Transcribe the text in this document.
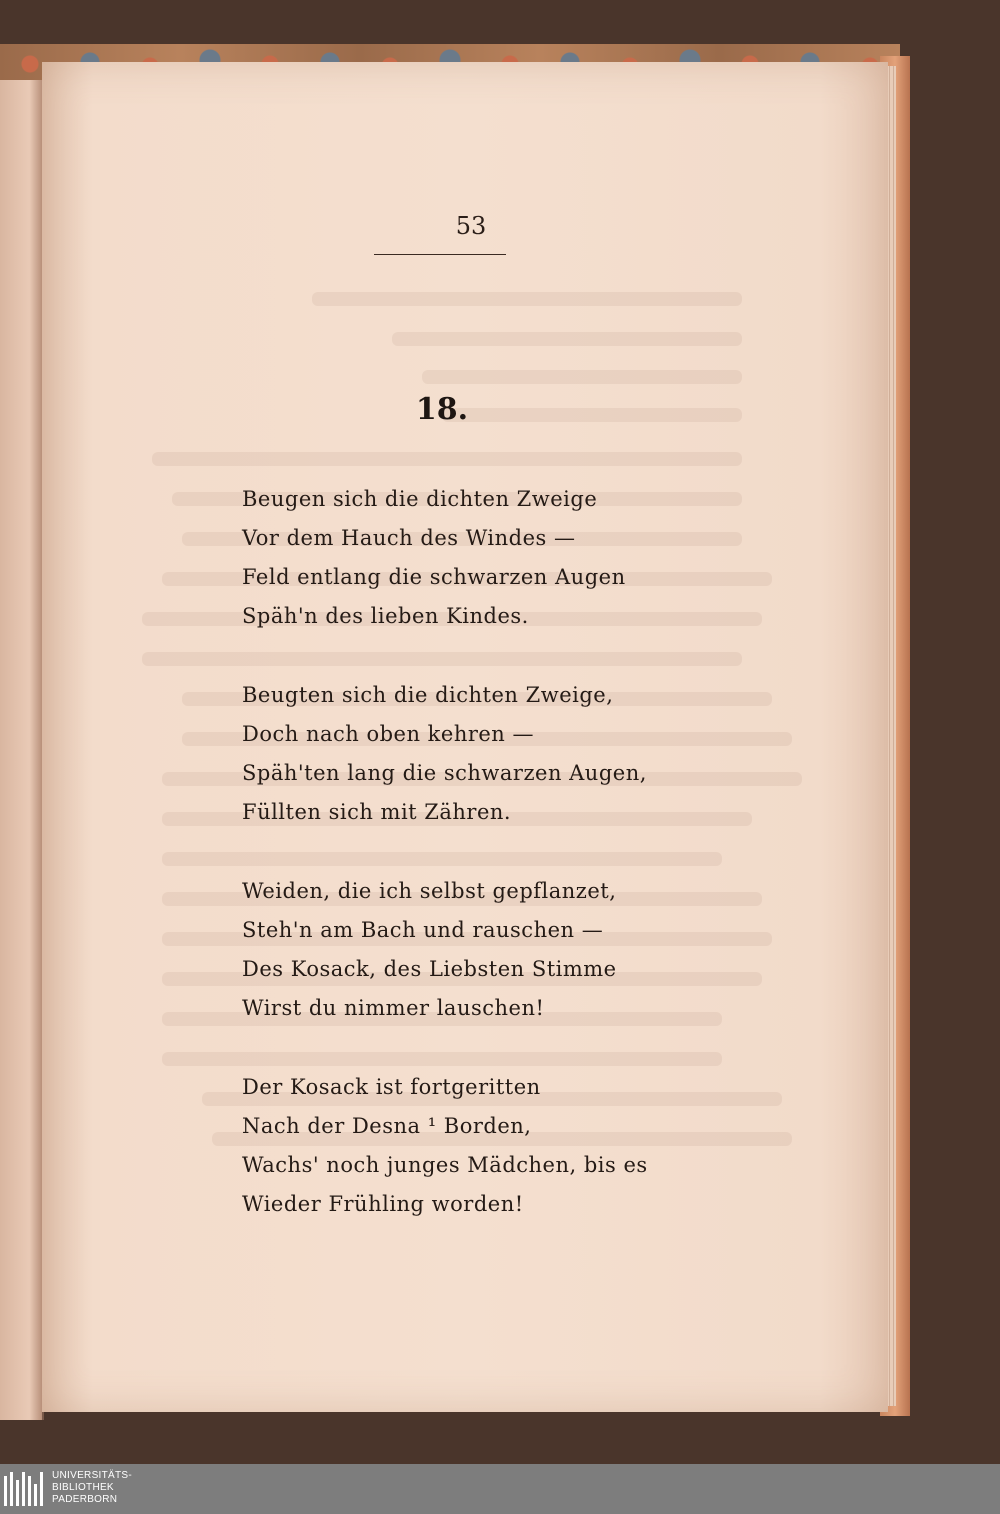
53
18.
Beugen sich die dichten Zweige
Vor dem Hauch des Windes —
Feld entlang die schwarzen Augen
Späh'n des lieben Kindes.
Beugten sich die dichten Zweige,
Doch nach oben kehren —
Späh'ten lang die schwarzen Augen,
Füllten sich mit Zähren.
Weiden, die ich selbst gepflanzet,
Steh'n am Bach und rauschen —
Des Kosack, des Liebsten Stimme
Wirst du nimmer lauschen!
Der Kosack ist fortgeritten
Nach der Desna ¹ Borden,
Wachs' noch junges Mädchen, bis es
Wieder Frühling worden!
UNIVERSITÄTS-
BIBLIOTHEK
PADERBORN
